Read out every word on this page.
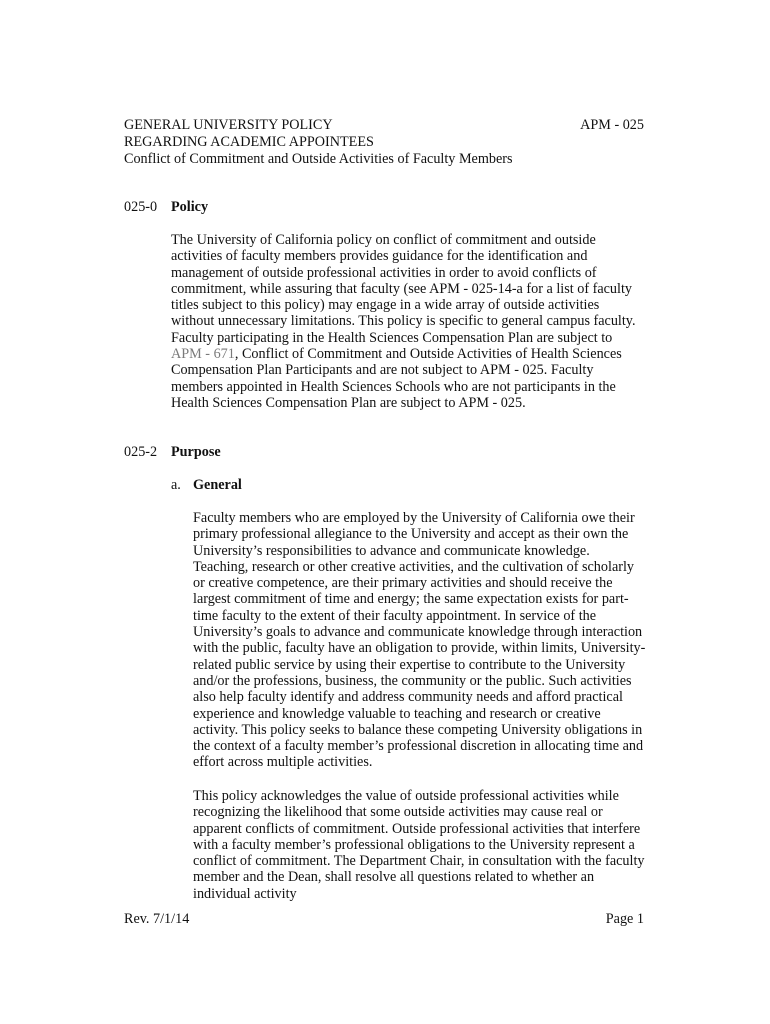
GENERAL UNIVERSITY POLICY
REGARDING ACADEMIC APPOINTEES
Conflict of Commitment and Outside Activities of Faculty Members
APM - 025
025-0 Policy
The University of California policy on conflict of commitment and outside activities of faculty members provides guidance for the identification and management of outside professional activities in order to avoid conflicts of commitment, while assuring that faculty (see APM - 025-14-a for a list of faculty titles subject to this policy) may engage in a wide array of outside activities without unnecessary limitations. This policy is specific to general campus faculty. Faculty participating in the Health Sciences Compensation Plan are subject to APM - 671, Conflict of Commitment and Outside Activities of Health Sciences Compensation Plan Participants and are not subject to APM - 025. Faculty members appointed in Health Sciences Schools who are not participants in the Health Sciences Compensation Plan are subject to APM - 025.
025-2 Purpose
a. General
Faculty members who are employed by the University of California owe their primary professional allegiance to the University and accept as their own the University’s responsibilities to advance and communicate knowledge. Teaching, research or other creative activities, and the cultivation of scholarly or creative competence, are their primary activities and should receive the largest commitment of time and energy; the same expectation exists for part-time faculty to the extent of their faculty appointment. In service of the University’s goals to advance and communicate knowledge through interaction with the public, faculty have an obligation to provide, within limits, University-related public service by using their expertise to contribute to the University and/or the professions, business, the community or the public. Such activities also help faculty identify and address community needs and afford practical experience and knowledge valuable to teaching and research or creative activity. This policy seeks to balance these competing University obligations in the context of a faculty member’s professional discretion in allocating time and effort across multiple activities.
This policy acknowledges the value of outside professional activities while recognizing the likelihood that some outside activities may cause real or apparent conflicts of commitment. Outside professional activities that interfere with a faculty member’s professional obligations to the University represent a conflict of commitment. The Department Chair, in consultation with the faculty member and the Dean, shall resolve all questions related to whether an individual activity
Rev. 7/1/14	Page 1
